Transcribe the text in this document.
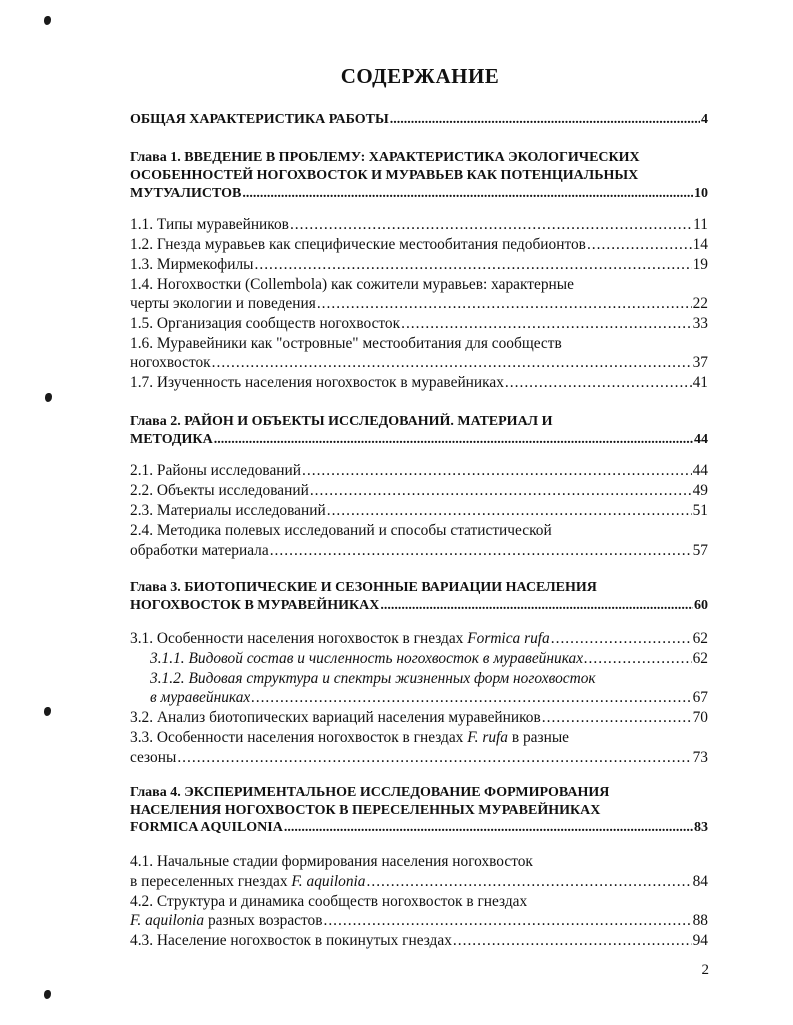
СОДЕРЖАНИЕ
ОБЩАЯ ХАРАКТЕРИСТИКА РАБОТЫ .....	4
Глава 1. ВВЕДЕНИЕ В ПРОБЛЕМУ: ХАРАКТЕРИСТИКА ЭКОЛОГИЧЕСКИХ
ОСОБЕННОСТЕЙ НОГОХВОСТОК И МУРАВЬЕВ КАК ПОТЕНЦИАЛЬНЫХ
МУТУАЛИСТОВ .....	10
1.1. Типы муравейников .....	11
1.2. Гнезда муравьев как специфические местообитания педобионтов .....	14
1.3. Мирмекофилы .....	19
1.4. Ногохвостки (Collembola) как сожители муравьев: характерные
черты экологии и поведения .....	22
1.5. Организация сообществ ногохвосток .....	33
1.6. Муравейники как "островные" местообитания для сообществ
ногохвосток .....	37
1.7. Изученность населения ногохвосток в муравейниках .....	41
Глава 2. РАЙОН И ОБЪЕКТЫ ИССЛЕДОВАНИЙ. МАТЕРИАЛ И
МЕТОДИКА .....	44
2.1. Районы исследований .....	44
2.2. Объекты исследований .....	49
2.3. Материалы исследований .....	51
2.4. Методика полевых исследований и способы статистической
обработки материала .....	57
Глава 3. БИОТОПИЧЕСКИЕ И СЕЗОННЫЕ ВАРИАЦИИ НАСЕЛЕНИЯ
НОГОХВОСТОК В МУРАВЕЙНИКАХ .....	60
3.1. Особенности населения ногохвосток в гнездах Formica rufa .....	62
3.1.1. Видовой состав и численность ногохвосток в муравейниках .....	62
3.1.2. Видовая структура и спектры жизненных форм ногохвосток
в муравейниках .....	67
3.2. Анализ биотопических вариаций населения муравейников .....	70
3.3. Особенности населения ногохвосток в гнездах F. rufa в разные
сезоны .....	73
Глава 4. ЭКСПЕРИМЕНТАЛЬНОЕ ИССЛЕДОВАНИЕ ФОРМИРОВАНИЯ
НАСЕЛЕНИЯ НОГОХВОСТОК В ПЕРЕСЕЛЕННЫХ МУРАВЕЙНИКАХ
FORMICA AQUILONIA .....	83
4.1. Начальные стадии формирования населения ногохвосток
в переселенных гнездах F. aquilonia .....	84
4.2. Структура и динамика сообществ ногохвосток в гнездах
F. aquilonia разных возрастов .....	88
4.3. Население ногохвосток в покинутых гнездах .....	94
2
